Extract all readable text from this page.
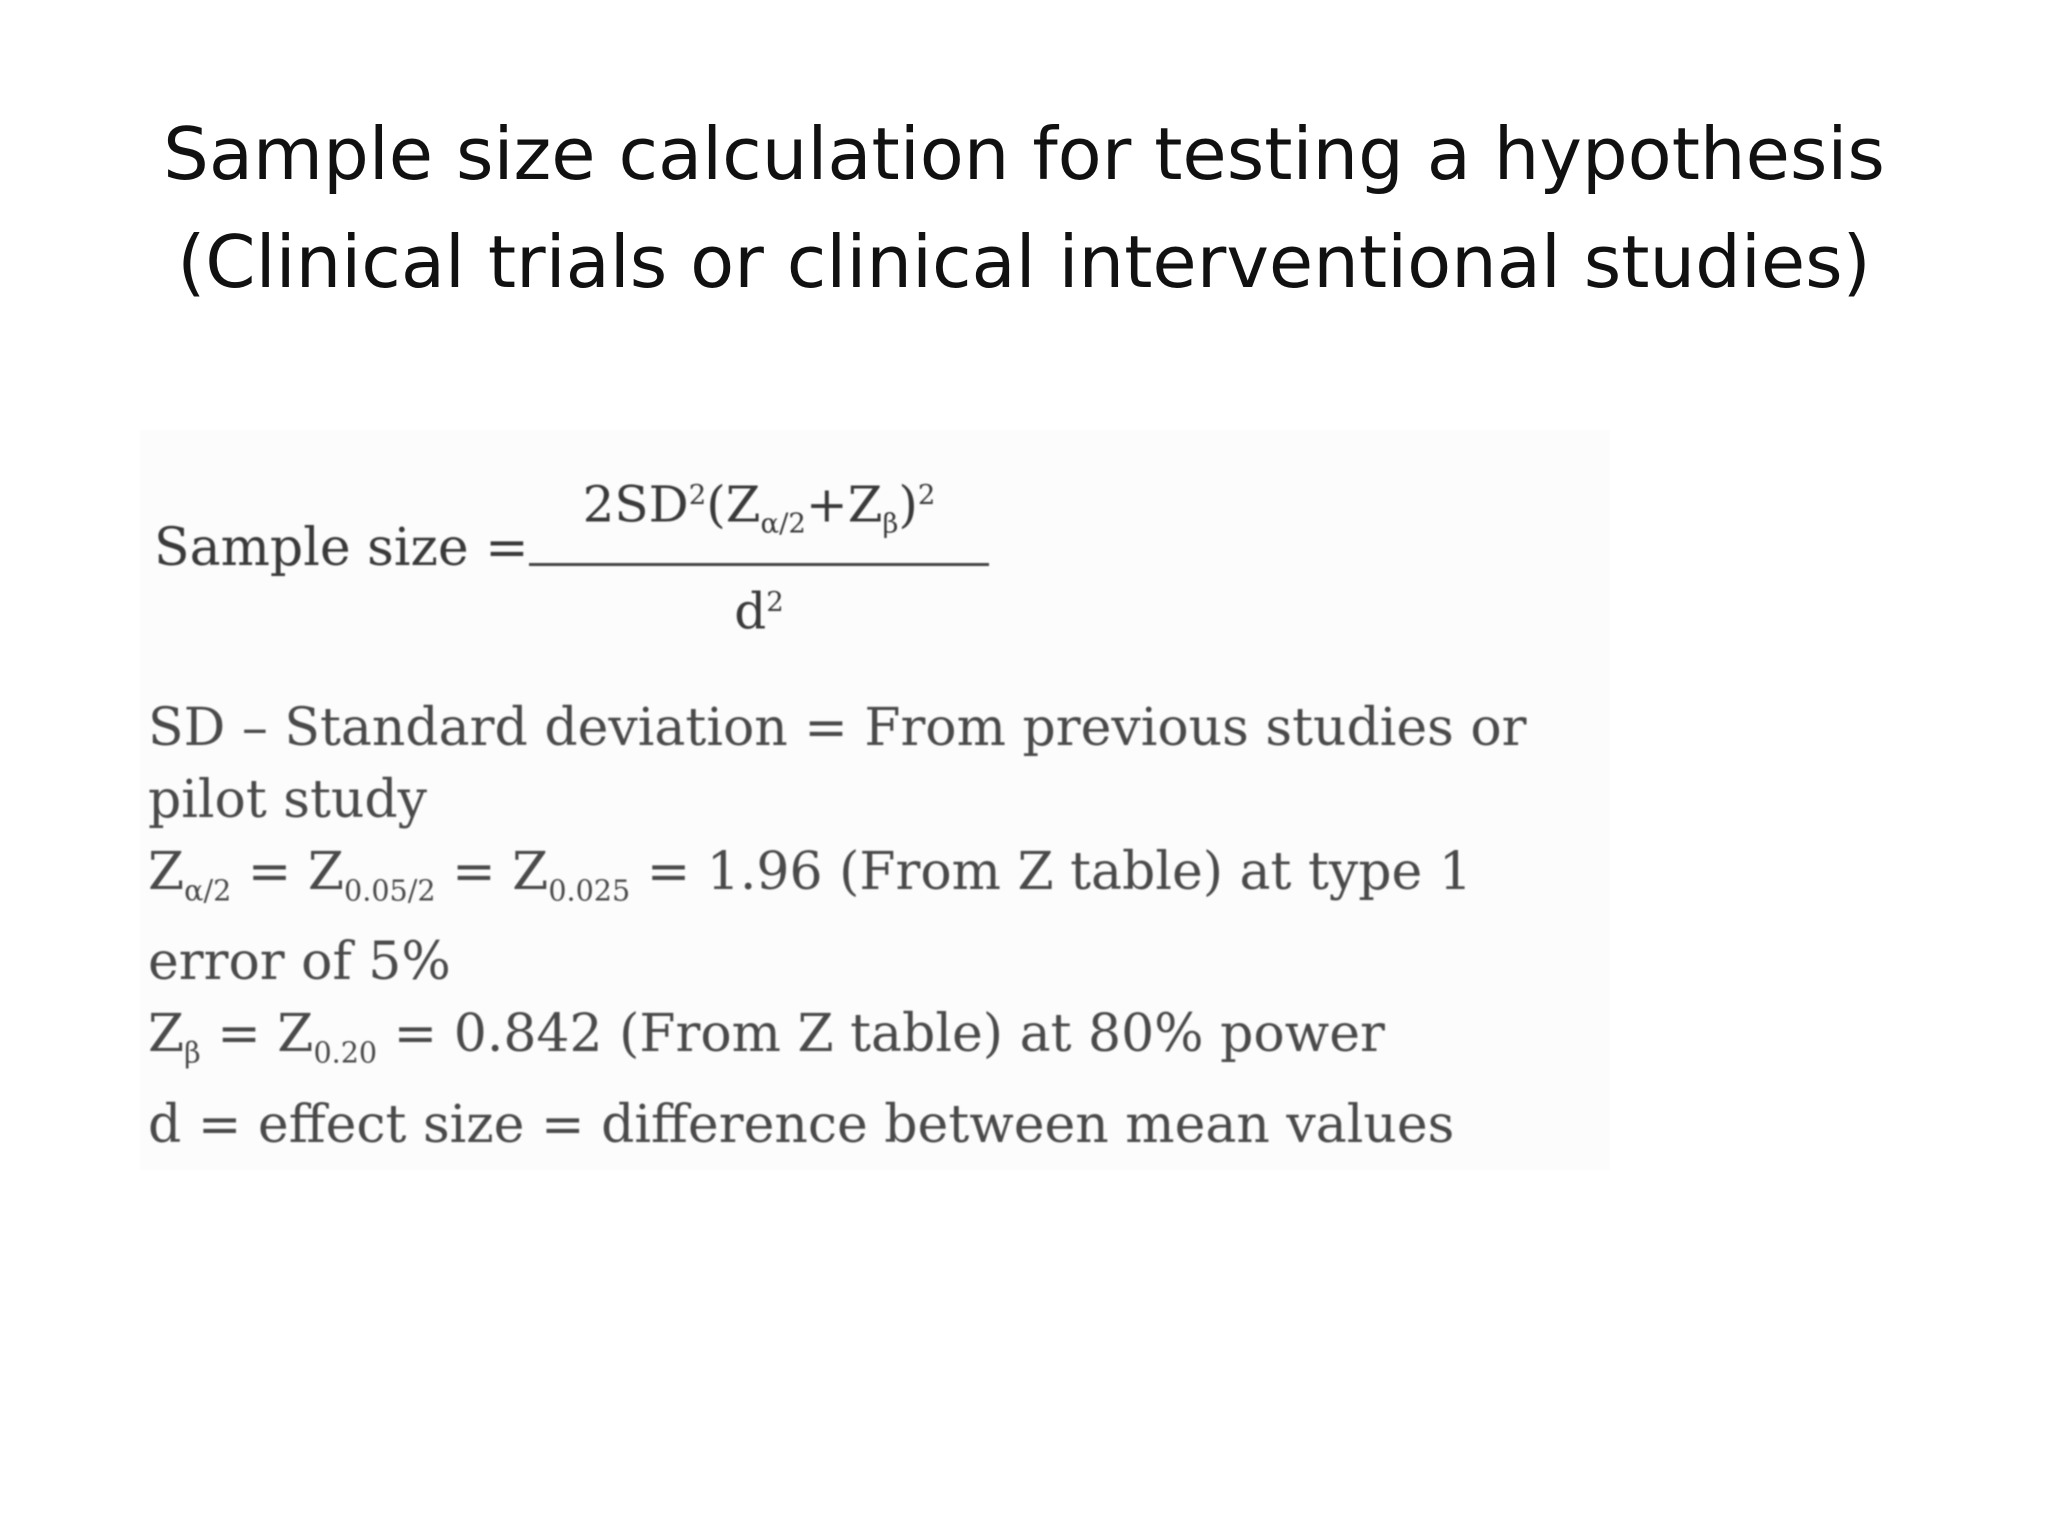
Sample size calculation for testing a hypothesis
(Clinical trials or clinical interventional studies)
Sample size =
$2SD^2(Z_{\alpha/2}+Z_\beta)^2$
$d^2$
SD – Standard deviation = From previous studies or
pilot study
$Z_{\alpha/2} = Z_{0.05/2} = Z_{0.025} = 1.96$ (From Z table) at type 1
error of 5%
$Z_\beta = Z_{0.20} = 0.842$ (From Z table) at 80% power
d = effect size = difference between mean values
